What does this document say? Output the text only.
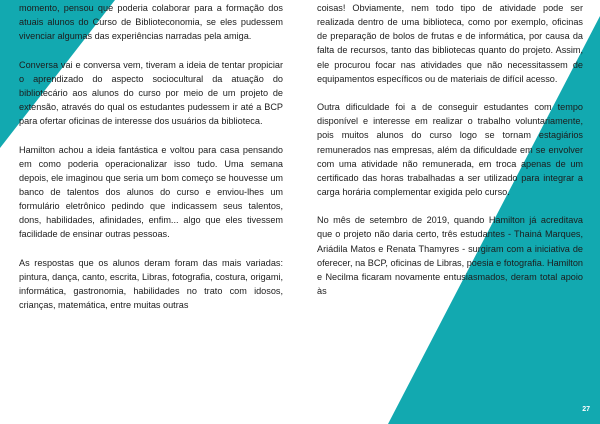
momento, pensou que poderia colaborar para a formação dos atuais alunos do Curso de Biblioteconomia, se eles pudessem vivenciar algumas das experiências narradas pela amiga.

Conversa vai e conversa vem, tiveram a ideia de tentar propiciar o aprendizado do aspecto sociocultural da atuação do bibliotecário aos alunos do curso por meio de um projeto de extensão, através do qual os estudantes pudessem ir até a BCP para ofertar oficinas de interesse dos usuários da biblioteca.

Hamilton achou a ideia fantástica e voltou para casa pensando em como poderia operacionalizar isso tudo. Uma semana depois, ele imaginou que seria um bom começo se houvesse um banco de talentos dos alunos do curso e enviou-lhes um formulário eletrônico pedindo que indicassem seus talentos, dons, habilidades, afinidades, enfim... algo que eles tivessem facilidade de ensinar outras pessoas.

As respostas que os alunos deram foram das mais variadas: pintura, dança, canto, escrita, Libras, fotografia, costura, origami, informática, gastronomia, habilidades no trato com idosos, crianças, matemática, entre muitas outras

coisas! Obviamente, nem todo tipo de atividade pode ser realizada dentro de uma biblioteca, como por exemplo, oficinas de preparação de bolos de frutas e de informática, por causa da falta de recursos, tanto das bibliotecas quanto do projeto. Assim, ele procurou focar nas atividades que não necessitassem de equipamentos específicos ou de materiais de difícil acesso.

Outra dificuldade foi a de conseguir estudantes com tempo disponível e interesse em realizar o trabalho voluntariamente, pois muitos alunos do curso logo se tornam estagiários remunerados nas empresas, além da dificuldade em se envolver com uma atividade não remunerada, em troca apenas de um certificado das horas trabalhadas a ser utilizado para integrar a carga horária complementar exigida pelo curso.

No mês de setembro de 2019, quando Hamilton já acreditava que o projeto não daria certo, três estudantes - Thainá Marques, Ariádila Matos e Renata Thamyres - surgiram com a iniciativa de oferecer, na BCP, oficinas de Libras, poesia e fotografia. Hamilton e Necilma ficaram novamente entusiasmados, deram total apoio às

27
